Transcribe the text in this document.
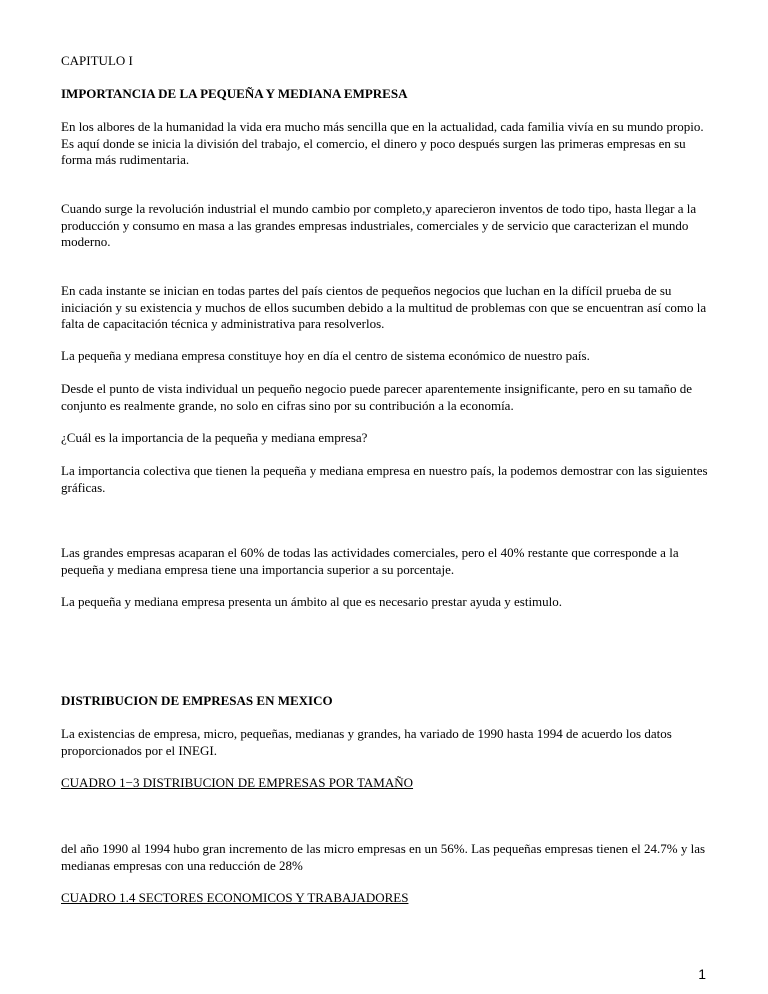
CAPITULO I

IMPORTANCIA DE LA PEQUEÑA Y MEDIANA EMPRESA

En los albores de la humanidad la vida era mucho más sencilla que en la actualidad, cada familia vivía en su mundo propio. Es aquí donde se inicia la división del trabajo, el comercio, el dinero y poco después surgen las primeras empresas en su forma más rudimentaria.

Cuando surge la revolución industrial el mundo cambio por completo,y aparecieron inventos de todo tipo, hasta llegar a la producción y consumo en masa a las grandes empresas industriales, comerciales y de servicio que caracterizan el mundo moderno.

En cada instante se inician en todas partes del país cientos de pequeños negocios que luchan en la difícil prueba de su iniciación y su existencia y muchos de ellos sucumben debido a la multitud de problemas con que se encuentran así como la falta de capacitación técnica y administrativa para resolverlos.

La pequeña y mediana empresa constituye hoy en día el centro de sistema económico de nuestro país.

Desde el punto de vista individual un pequeño negocio puede parecer aparentemente insignificante, pero en su tamaño de conjunto es realmente grande, no solo en cifras sino por su contribución a la economía.

¿Cuál es la importancia de la pequeña y mediana empresa?

La importancia colectiva que tienen la pequeña y mediana empresa en nuestro país, la podemos demostrar con las siguientes gráficas.

Las grandes empresas acaparan el 60% de todas las actividades comerciales, pero el 40% restante que corresponde a la pequeña y mediana empresa tiene una importancia superior a su porcentaje.

La pequeña y mediana empresa presenta un ámbito al que es necesario prestar ayuda y estimulo.

DISTRIBUCION DE EMPRESAS EN MEXICO

La existencias de empresa, micro, pequeñas, medianas y grandes, ha variado de 1990 hasta 1994 de acuerdo los datos proporcionados por el INEGI.

CUADRO 1−3 DISTRIBUCION DE EMPRESAS POR TAMAÑO

del año 1990 al 1994 hubo gran incremento de las micro empresas en un 56%. Las pequeñas empresas tienen el 24.7% y las medianas empresas con una reducción de 28%

CUADRO 1.4 SECTORES ECONOMICOS Y TRABAJADORES

1
